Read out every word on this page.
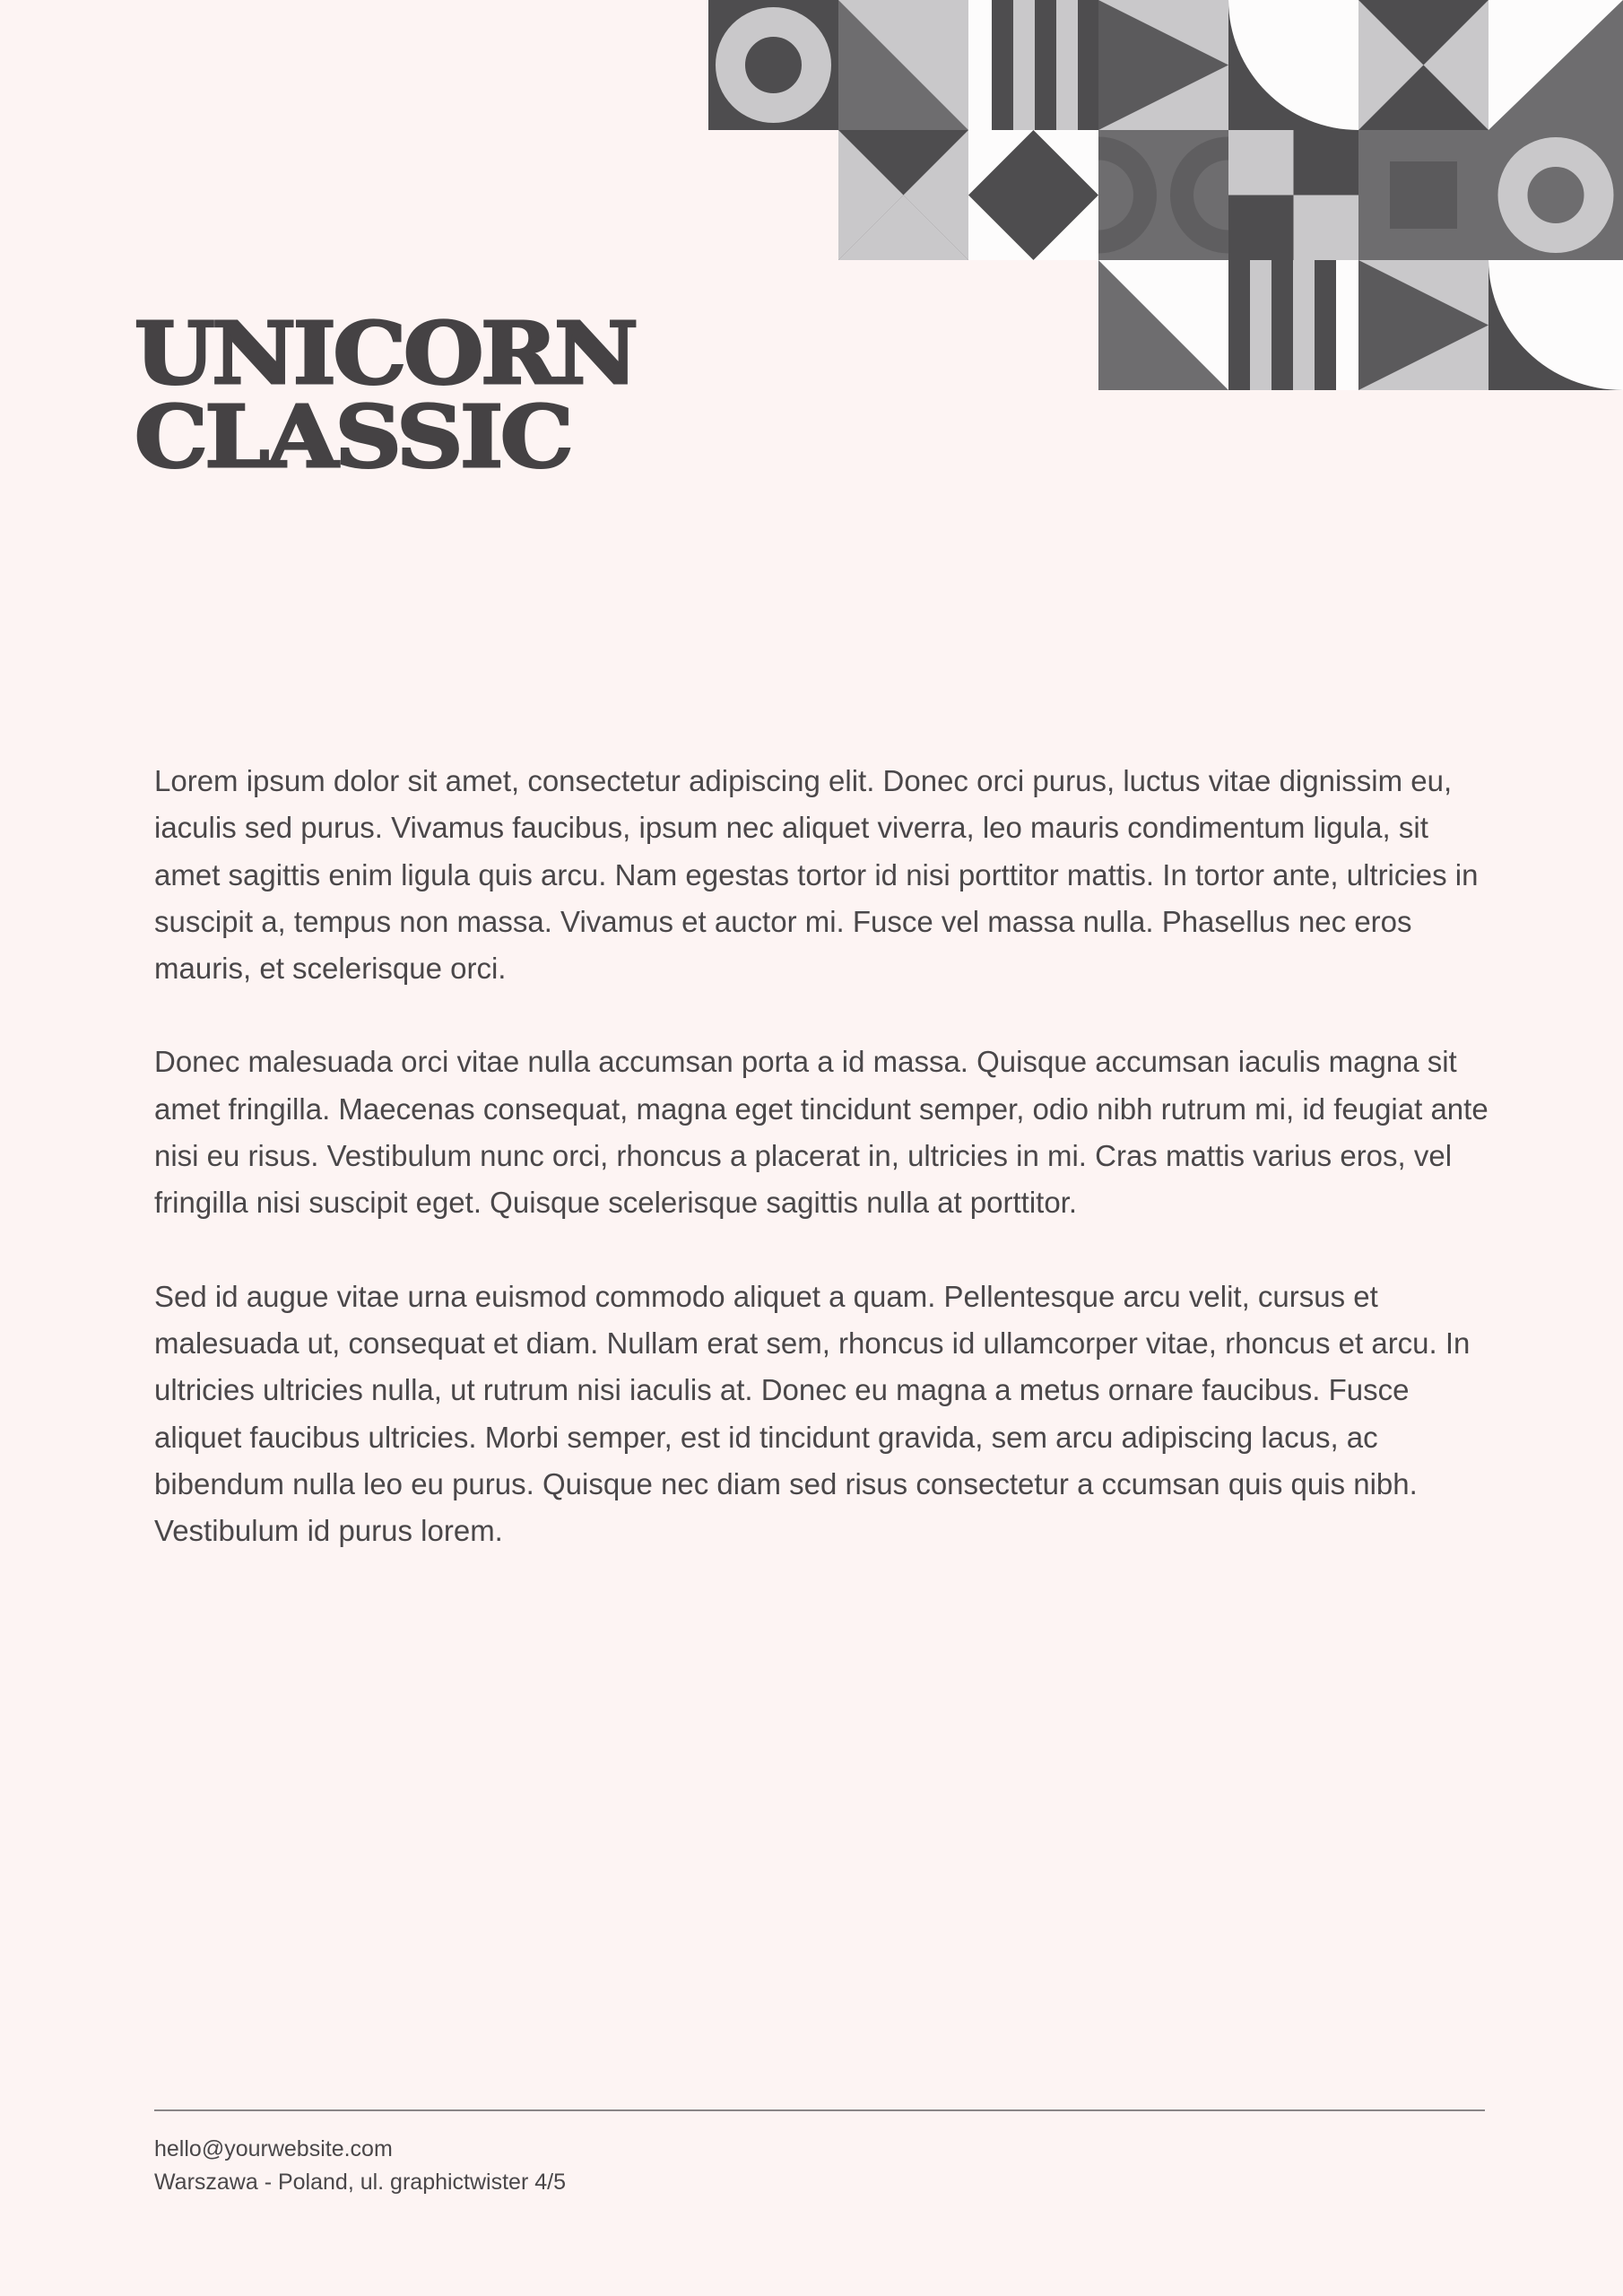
UNICORN
CLASSIC

Lorem ipsum dolor sit amet, consectetur adipiscing elit. Donec orci purus, luctus vitae dignissim eu, iaculis sed purus. Vivamus faucibus, ipsum nec aliquet viverra, leo mauris condimentum ligula, sit amet sagittis enim ligula quis arcu. Nam egestas tortor id nisi porttitor mattis. In tortor ante, ultricies in suscipit a, tempus non massa. Vivamus et auctor mi. Fusce vel massa nulla. Phasellus nec eros mauris, et scelerisque orci.

Donec malesuada orci vitae nulla accumsan porta a id massa. Quisque accumsan iaculis magna sit amet fringilla. Maecenas consequat, magna eget tincidunt semper, odio nibh rutrum mi, id feugiat ante nisi eu risus. Vestibulum nunc orci, rhoncus a placerat in, ultricies in mi. Cras mattis varius eros, vel fringilla nisi suscipit eget. Quisque scelerisque sagittis nulla at porttitor.

Sed id augue vitae urna euismod commodo aliquet a quam. Pellentesque arcu velit, cursus et malesuada ut, consequat et diam. Nullam erat sem, rhoncus id ullamcorper vitae, rhoncus et arcu. In ultricies ultricies nulla, ut rutrum nisi iaculis at. Donec eu magna a metus ornare faucibus. Fusce aliquet faucibus ultricies. Morbi semper, est id tincidunt gravida, sem arcu adipiscing lacus, ac bibendum nulla leo eu purus. Quisque nec diam sed risus consectetur a ccumsan quis quis nibh. Vestibulum id purus lorem.

hello@yourwebsite.com
Warszawa - Poland, ul. graphictwister 4/5
